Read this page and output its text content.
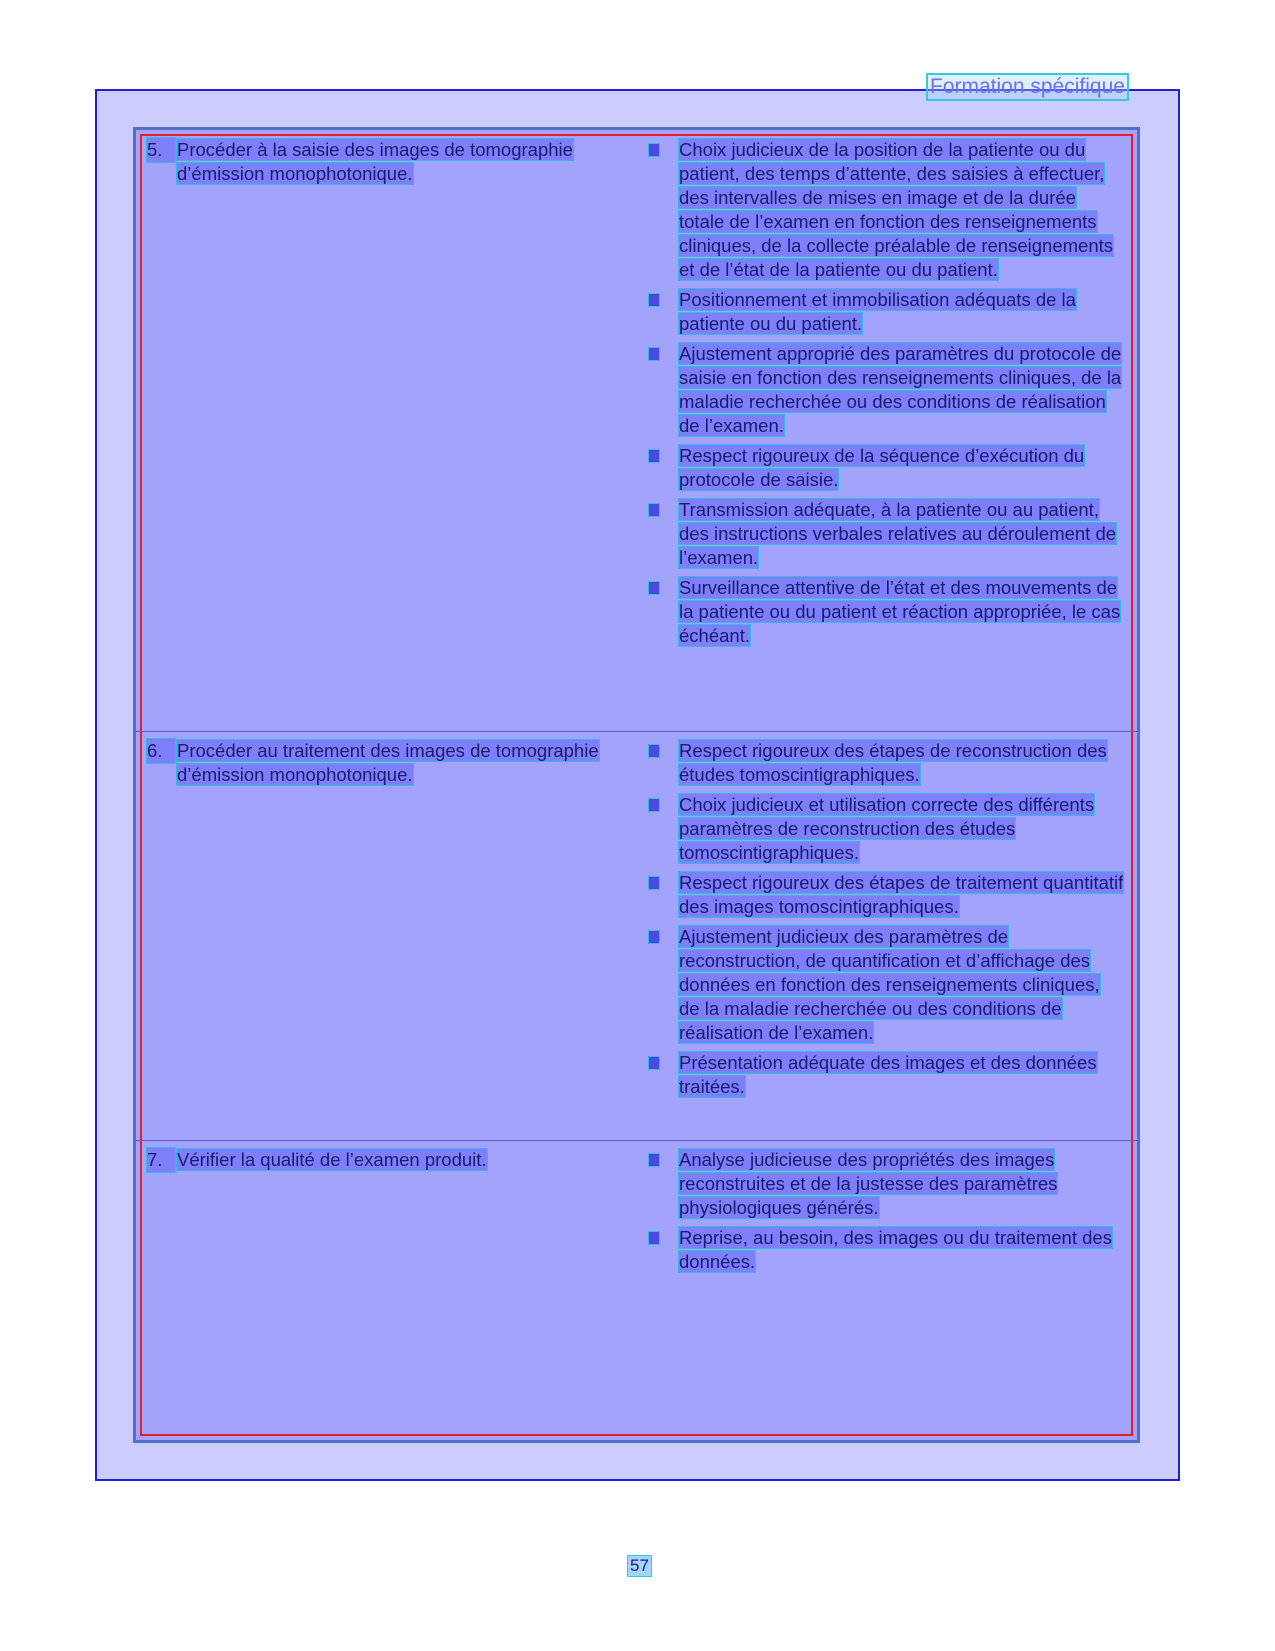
Formation spécifique
5. Procéder à la saisie des images de tomographie d’émission monophotonique.
Choix judicieux de la position de la patiente ou du patient, des temps d’attente, des saisies à effectuer, des intervalles de mises en image et de la durée totale de l’examen en fonction des renseignements cliniques, de la collecte préalable de renseignements et de l’état de la patiente ou du patient.
Positionnement et immobilisation adéquats de la patiente ou du patient.
Ajustement approprié des paramètres du protocole de saisie en fonction des renseignements cliniques, de la maladie recherchée ou des conditions de réalisation de l’examen.
Respect rigoureux de la séquence d’exécution du protocole de saisie.
Transmission adéquate, à la patiente ou au patient, des instructions verbales relatives au déroulement de l’examen.
Surveillance attentive de l’état et des mouvements de la patiente ou du patient et réaction appropriée, le cas échéant.
6. Procéder au traitement des images de tomographie d’émission monophotonique.
Respect rigoureux des étapes de reconstruction des études tomoscintigraphiques.
Choix judicieux et utilisation correcte des différents paramètres de reconstruction des études tomoscintigraphiques.
Respect rigoureux des étapes de traitement quantitatif des images tomoscintigraphiques.
Ajustement judicieux des paramètres de reconstruction, de quantification et d’affichage des données en fonction des renseignements cliniques, de la maladie recherchée ou des conditions de réalisation de l’examen.
Présentation adéquate des images et des données traitées.
7. Vérifier la qualité de l’examen produit.	Analyse judicieuse des propriétés des images reconstruites et de la justesse des paramètres physiologiques générés.
Reprise, au besoin, des images ou du traitement des données.
57
